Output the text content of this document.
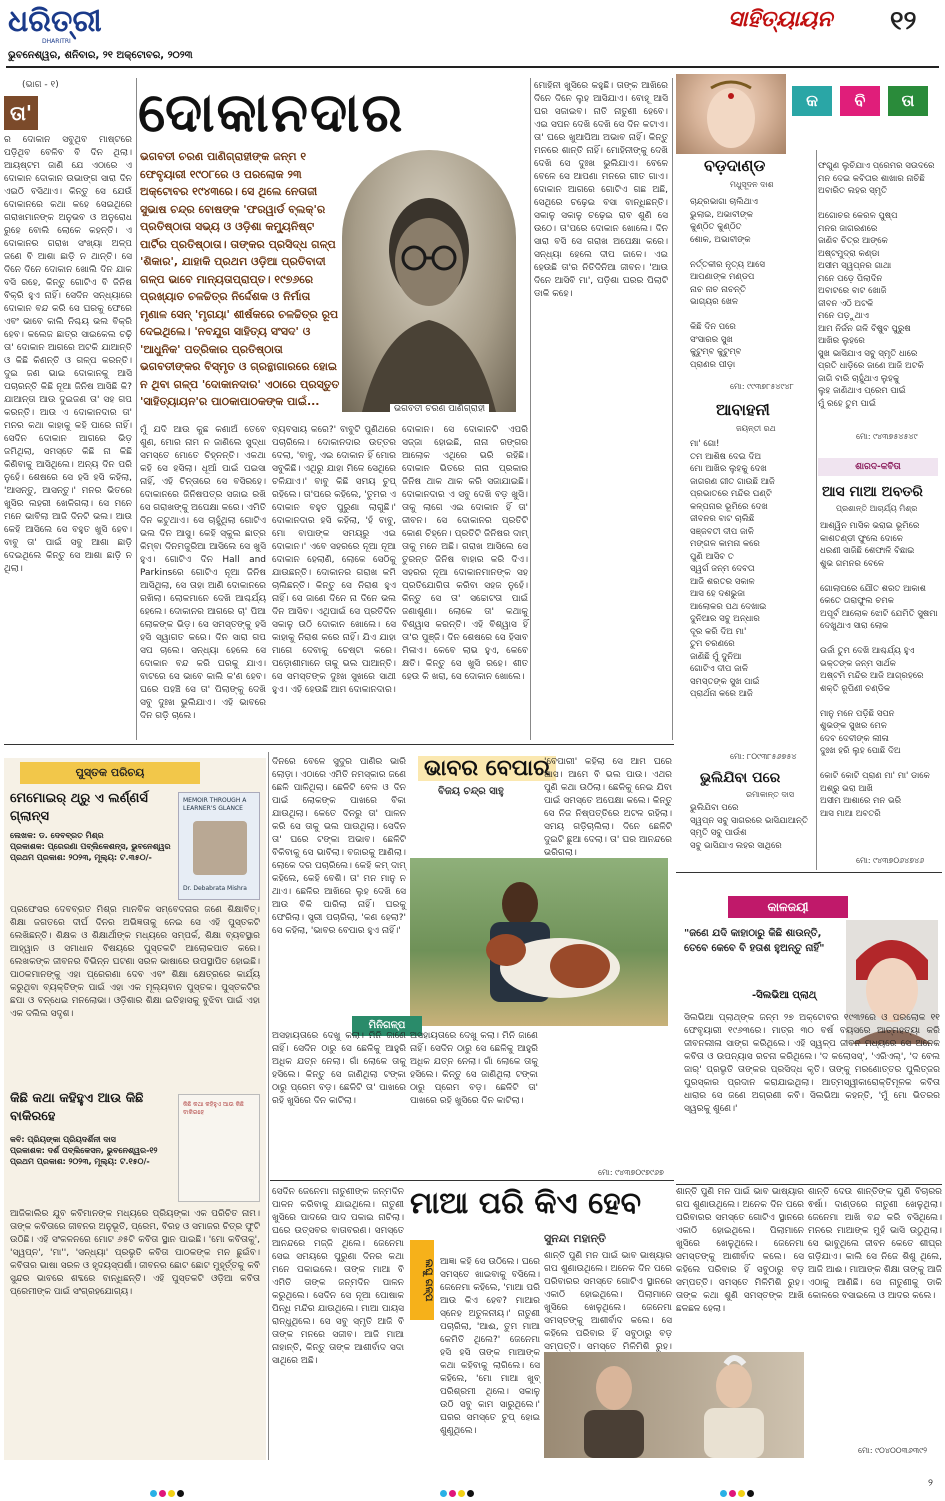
ଧରିତ୍ରୀ
DHARITRI
ଭୁବନେଶ୍ୱର, ଶନିବାର, ୨୧ ଅକ୍ଟୋବର, ୨୦୨୩
ସାହିତ୍ୟାୟନ ୧୨
(ଭାଗ - ୧)
ତା' ଦୋକାନଦାର
ର ଦୋକାନ ସବୁଥିବ ମାଷ୍ଟରେ ପଡ଼ିଥିବ ବେଳିବ ବି ଦିନ ଥିଲା। ଆୟଷ୍ଟମ ଜାଣି ଯେ ଏଠାରେ ଏ ଦୋକାନ ଦୋକାନ ଉଭାଙ୍ଗ ସାରା ଦିନ ଏଇଠି ବସିଥାଏ। କିନ୍ତୁ ସେ ଯେଉଁ ଦୋକାନରେ କଥା କହେ ସେଇଥିରେ ଗରାଖମାନଙ୍କ ଅନୁଭବ ଓ ଅନୁରୋଧ ରୁହେ ବୋଲି ଲୋକେ କହନ୍ତି। ଏ ଦୋକାନର ଗରାଖ ସଂଖ୍ୟା ଅଳ୍ପ ଜଣେ ବି ଆଶା ଛାଡ଼ି ନ ଥାନ୍ତି। ସେ ଦିନେ ଦିନେ ଦୋକାନ ଖୋଲି ଦିନ ଯାକ ବସି ରହେ, କିନ୍ତୁ ଗୋଟିଏ ବି ଜିନିଷ ବିକ୍ରି ହୁଏ ନାହିଁ। ସେଦିନ ସନ୍ଧ୍ୟାରେ ଦୋକାନ ବନ୍ଦ କରି ସେ ଘରକୁ ଫେରେ ଏବଂ ଭାବେ କାଲି ନିଶ୍ଚୟ ଭଲ ବିକ୍ରି ହେବ। କଲେଜ ଛାତ୍ର ସାଇକେଲ ଚଢ଼ି ତା' ଦୋକାନ ଆଗରେ ଅଟକି ଯାଆନ୍ତି ଓ କିଛି କିଣନ୍ତି ଓ ଗଳ୍ପ କରନ୍ତି। ଦୁଇ ଜଣ ଭାଇ ଦୋକାନକୁ ଆସି ପଚାରନ୍ତି କିଛି ନୂଆ ଜିନିଷ ଆସିଛି କି? ଯାଆନ୍ତା ଆଉ ଦୁଇଜଣ ତା' ସହ ଗପ କରନ୍ତି। ଆଉ ଏ ଦୋକାନଦାର ତା' ମନର କଥା କାହାକୁ କହି ପାରେ ନାହିଁ। ସେଦିନ ଦୋକାନ ଆଗରେ ଭିଡ଼ ଜମିଥିଲା, ସମସ୍ତେ କିଛି ନା କିଛି କିଣିବାକୁ ଆସିଥିଲେ। ଅନ୍ୟ ଦିନ ପରି ନୁହେଁ। ଶେଷରେ ସେ ହସି ହସି କହିଲା, 'ଆସନ୍ତୁ, ଆସନ୍ତୁ।' ମନର ଭିତରେ ଖୁସିର ଲହରୀ ଖେଳିଗଲା। ସେ ମନେ ମନେ ଭାବିଲା ଆଜି ଦିନଟି ଭଲ। ଆଉ କେହି ଆସିଲେ ସେ ବହୁତ ଖୁସି ହେବ। ବାବୁ ତା' ପାଇଁ ସବୁ ଆଶା ଛାଡ଼ି ଦେଇଥିଲେ କିନ୍ତୁ ସେ ଆଶା ଛାଡ଼ି ନ ଥିଲା।
ଭଗବତୀ ଚରଣ ପାଣିଗ୍ରାହୀଙ୍କ ଜନ୍ମ ୧ ଫେବୃୟାରୀ ୧୯୦୮ରେ ଓ ପରଲୋକ ୨୩ ଅକ୍ଟୋବର ୧୯୪୩ରେ। ସେ ଥିଲେ ନେତାଜୀ ସୁଭାଷ ଚନ୍ଦ୍ର ବୋଷଙ୍କ 'ଫରୱାର୍ଡ ବ୍ଲକ୍'ର ପ୍ରତିଷ୍ଠାତା ସଭ୍ୟ ଓ ଓଡ଼ିଶା କମ୍ୟୁନିଷ୍ଟ ପାର୍ଟିର ପ୍ରତିଷ୍ଠାତା। ତାଙ୍କର ପ୍ରସିଦ୍ଧ ଗଳ୍ପ 'ଶିକାର', ଯାହାକି ପ୍ରଥମ ଓଡ଼ିଆ ପ୍ରତିବାଦୀ ଗଳ୍ପ ଭାବେ ମାନ୍ୟତାପ୍ରାପ୍ତ। ୧୯୭୬ରେ ପ୍ରଖ୍ୟାତ ଚଳଚ୍ଚିତ୍ର ନିର୍ଦ୍ଦେଶକ ଓ ନିର୍ମାତା ମୃଣାଳ ସେନ୍ 'ମୃଗୟା' ଶୀର୍ଷକରେ ଚଳଚ୍ଚିତ୍ର ରୂପ ଦେଇଥିଲେ। 'ନବଯୁଗ ସାହିତ୍ୟ ସଂସଦ' ଓ 'ଆଧୁନିକ' ପତ୍ରିକାର ପ୍ରତିଷ୍ଠାତା ଭଗବତୀଙ୍କର ବିସ୍ମୃତ ଓ ଗ୍ରନ୍ଥାଗାରରେ ହୋଇ ନ ଥିବା ଗଳ୍ପ 'ଦୋକାନଦାର' ଏଠାରେ ପ୍ରସ୍ତୁତ 'ସାହିତ୍ୟାୟନ'ର ପାଠକାପାଠକଙ୍କ ପାଇଁ...
ଭଗବତୀ ଚରଣ ପାଣିଗ୍ରାହୀ
ମୁଁ ଯଦି ଆଉ କୁଛ କଣାଅଁ ତେବେ ଶୁଣ, ମୋର ନାମ ନ ଜାଣିଲେ ସୁଦ୍ଧା ସମସ୍ତେ ମୋତେ ଚିହ୍ନନ୍ତି। ଏକଥା କହି ସେ ହସିଲା। ଧୂଆଁ ପାଇଁ ପଇସା ନାହିଁ, ଏହି ଚିନ୍ତାରେ ସେ ବସିରହେ। ଦୋକାନରେ ଜିନିଷପତ୍ର ସଜାଇ ରଖି ସେ ଗରାଖଙ୍କୁ ଅପେକ୍ଷା କରେ। ଏମିତି ଦିନ କଟୁଥାଏ। ସେ ଚାହୁଁଥିଲା ଗୋଟିଏ ଭଲ ଦିନ ଆସୁ। କେହି ସ୍କୁଲ ଛାତ୍ର କିମ୍ବା ଦିନମଜୁରିଆ ଆସିଲେ ସେ ଖୁସି ହୁଏ। ଗୋଟିଏ ଦିନ Hall and Parkinsରେ ଗୋଟିଏ ନୂଆ ଜିନିଷ ଆସିଥିଲା, ସେ ତାହା ଆଣି ଦୋକାନରେ ରଖିଲା। ଲୋକମାନେ ଦେଖି ଆଶ୍ଚର୍ଯ୍ୟ ହେଲେ। ଦୋକାନର ଆଗରେ ଚା' ପିଆ ଲୋକଙ୍କ ଭିଡ଼। ସେ ସମସ୍ତଙ୍କୁ ହସି ହସି ସ୍ୱାଗତ କରେ। ଦିନ ସାରା ଗପ ସପ ଚାଲେ। ସନ୍ଧ୍ୟା ହେଲେ ସେ ଦୋକାନ ବନ୍ଦ କରି ଘରକୁ ଯାଏ। ବାଟରେ ସେ ଭାବେ କାଲି କ'ଣ ହେବ। ଘରେ ପହଞ୍ଚି ସେ ତା' ପିଲାଙ୍କୁ ଦେଖି ସବୁ ଦୁଃଖ ଭୁଲିଯାଏ। ଏହି ଭାବରେ ଦିନ ଗଡ଼ି ଚାଲେ।
ବ୍ୟବସାୟ କରେ?' ବାବୁଟି ପୁଣିଥରେ ପଚାରିଲେ। ଦୋକାନଦାର ଉତ୍ତର ଦେଲା, 'ବାବୁ, ଏଇ ଦୋକାନ ହିଁ ମୋର ସବୁକିଛି। ଏଥିରୁ ଯାହା ମିଳେ ସେଥିରେ ଚଳିଯାଏ।' ବାବୁ କିଛି ସମୟ ଚୁପ୍ ରହିଲେ। ତା'ପରେ କହିଲେ, 'ତୁମର ଏ ଦୋକାନ ବହୁତ ପୁରୁଣା ଲାଗୁଛି।' ଦୋକାନଦାର ହସି କହିଲା, 'ହଁ ବାବୁ, ମୋ ବାପାଙ୍କ ସମୟରୁ ଏଇ ଦୋକାନ।' ଏବେ ସହରରେ ନୂଆ ନୂଆ ଦୋକାନ ହେଲାଣି, ଲୋକେ ସେଠିକୁ ଯାଉଛନ୍ତି। ଦୋକାନର ଗରାଖ କମି ଚାଲିଛନ୍ତି। କିନ୍ତୁ ସେ ନିରାଶ ହୁଏ ନାହିଁ। ସେ ଜାଣେ ଦିନେ ନା ଦିନେ ଭଲ ଦିନ ଆସିବ। ଏଥିପାଇଁ ସେ ପ୍ରତିଦିନ ସକାଳୁ ଉଠି ଦୋକାନ ଖୋଲେ। ସେ କାହାକୁ ନିରାଶ କରେ ନାହିଁ। ଯିଏ ଯାହା ମାଗେ ଦେବାକୁ ଚେଷ୍ଟା କରେ। ପଡ଼ୋଶୀମାନେ ତାକୁ ଭଲ ପାଆନ୍ତି। ସେ ସମସ୍ତଙ୍କ ଦୁଃଖ ସୁଖରେ ସାଥୀ ହୁଏ। ଏହି ହେଉଛି ଆମ ଦୋକାନଦାର।
ଦୋକାନ। ସେ ଦୋକାନଟି ଏପରି ସଜ୍ଜା ହୋଇଛି, ନାନା ରଙ୍ଗର ଆଲୋକ ଏଥିରେ ଭରି ରହିଛି। ଦୋକାନ ଭିତରେ ନାନା ପ୍ରକାର ଜିନିଷ ଥାକ ଥାକ କରି ସଜାଯାଇଛି। ଦୋକାନଦାର ଏ ସବୁ ଦେଖି ବଡ଼ ଖୁସି। ତାକୁ ଲାଗେ ଏଇ ଦୋକାନ ହିଁ ତା' ଜୀବନ। ସେ ଦୋକାନର ପ୍ରତିଟି କୋଣ ଚିହ୍ନେ। ପ୍ରତିଟି ଜିନିଷର ଦାମ୍ ତାକୁ ମନେ ଅଛି। ଗରାଖ ଆସିଲେ ସେ ତୁରନ୍ତ ଜିନିଷ ବାହାର କରି ଦିଏ। ସହରର ନୂଆ ଦୋକାନମାନଙ୍କ ସହ ପ୍ରତିଯୋଗିତା କରିବା ସହଜ ନୁହେଁ। କିନ୍ତୁ ସେ ତା' ସଚ୍ଚୋଟତା ପାଇଁ ଜଣାଶୁଣା। ଲୋକେ ତା' କଥାକୁ ବିଶ୍ୱାସ କରନ୍ତି। ଏହି ବିଶ୍ୱାସ ହିଁ ତା'ର ପୁଞ୍ଜି। ଦିନ ଶେଷରେ ସେ ହିସାବ ମିଳାଏ। କେବେ ଲାଭ ହୁଏ, କେବେ କ୍ଷତି। କିନ୍ତୁ ସେ ଖୁସି ରହେ। ଶୀତ ହେଉ କି ଖରା, ସେ ଦୋକାନ ଖୋଲେ।
ମୋହିନୀ ଖୁସିରେ କହୁଛି। ତାଙ୍କ ଆଖିରେ ଦିନେ ଦିନେ ଲୁହ ଆସିଯାଏ। ବୋହୂ ଆସି ଘର ସଜାଇବ। ନାତି ନାତୁଣୀ ହେବେ। ଏଇ ସପନ ଦେଖି ଦେଖି ସେ ଦିନ କଟାଏ। ତା' ଘରେ ଖୁଆପିଆ ଅଭାବ ନାହିଁ। କିନ୍ତୁ ମନରେ ଶାନ୍ତି ନାହିଁ। ମୋହିନୀଙ୍କୁ ଦେଖି ଦେଖି ସେ ଦୁଃଖ ଭୁଲିଯାଏ। ବେଳେ ବେଳେ ସେ ଆପଣା ମନରେ ଗୀତ ଗାଏ। ଦୋକାନ ଆଗରେ ଗୋଟିଏ ଗଛ ଅଛି, ସେଥିରେ ଚଢ଼େଇ ବସା ବାନ୍ଧିଛନ୍ତି। ସକାଳୁ ସକାଳୁ ଚଢ଼େଇ ରାବ ଶୁଣି ସେ ଉଠେ। ତା'ପରେ ଦୋକାନ ଖୋଲେ। ଦିନ ସାରା ବସି ସେ ଗରାଖ ଅପେକ୍ଷା କରେ। ସନ୍ଧ୍ୟା ହେଲେ ଦୀପ ଜାଳେ। ଏଇ ହେଉଛି ତା'ର ନିତିଦିନିଆ ଜୀବନ। 'ଆଉ ଦିନେ ଆସିବି ମା', ପଡ଼ିଶା ଘରର ପିଲାଟି ଡାକି କହେ।
କ	ବି	ତା
ବଡ଼ଦାଣ୍ଡ
ମଧୁସୂଦନ ଦାଶ
ଚାନ୍ଦ୍ରଭାଗା ଚାଲିଥାଏ
ଭୁଲାଇ, ଅଭାବୀଙ୍କ
କୁଣ୍ଠିତ କୁଣ୍ଠିତ
ଶୋକ, ଅଭାବୀଙ୍କ

ନର୍ତ୍ତକୀର ନୃତ୍ୟ ଆସେ
ଆପଣାଙ୍କ ମଣ୍ଡପ
ନାଚ ନାଚ ନାଚନ୍ତି
ଭାଗ୍ୟର ଖେଳ

କିଛି ଦିନ ପରେ
ସଂସାରର ସୁଖ
କୁଟୁମ୍ବ କୁଟୁମ୍ବ
ପ୍ରାଣର ପୀଡ଼ା
ମୋ: ୯୯୩୭୮୫୪୯୪୮
ଫଗୁଣ ଲୁଚିଯାଏ ପ୍ରେମର ସଉଦରେ
ମନ ଦେଇ କବିତାର ଶାଖାର ନାଚିଛି
ଅବାରିତ ଲହର ସ୍ମୃତି

ଅଗୋଚର କେରଳ ପୁଷ୍ପ
ମନର ଜାଗରଣରେ
ଜାଣିବ ଚିତ୍ର ଆଙ୍କେ
ଅଷ୍ଟମୁଦ୍ରା କଣ୍ଡା
ଅସୀମ ସ୍ୱପ୍ନର ଗାଥା
ମନେ ପଡ଼େ ପିଲାଦିନ
ଅବାଟରେ ବାଟ ଖୋଜି
ଜୀବନ ଏଠି ଅଟକି
ମନେ ପଡ଼ୁଥାଏ
ଆମ ନିର୍ଜନ ଗଳି ବିଷୁବ ପୁରୁଷ
ଆଖିର ଲୁହରେ
ସୁଖ ଭାସିଯାଏ ସବୁ ସ୍ମୃତି ଧାରେ
ପ୍ରତି ଧାଡ଼ିରେ ଜାଣେ ଆଜି ଅଟକି
ଜାଗି ବାରି ଚାହୁଁଥାଏ ଲୁହକୁ
ଲୁହ ଜାଣିଥାଏ ପ୍ରେମ ପାଇଁ
ମୁଁ ରହେ ତୁମ ପାଇଁ
ମୋ: ୯୪୩୭୫୪୫୪୯
ଆବାହନୀ
ଜୟନ୍ତୀ ରଥ
ମା' ଗୋ!
ତମ ଆଶିଷ ଦେଇ ଦିଅ
ମୋ ଆଖିର ଲୁହକୁ ଦେଖ
ଜାଗରଣ ଗୀତ ଗାଉଛି ଆଜି
ପ୍ରଭାତରେ ମନ୍ଦିର ଘଣ୍ଟି
କଳ୍ପନାର ଭୂମିରେ ଦେଖ
ଜୀବନର ବାଟ ଚାଲିଛି
ସଞ୍ଜବତୀ ଦୀପ ଜାଳି
ମଙ୍ଗଳ କାମନା କରେ
ପୁଣି ଆସିବ ତ
ସ୍ୱର୍ଗ ଜନ୍ମ ଦେବତା
ଆଜି ଶରତର ସକାଳ
ଆସ ହେ ଦଶଭୁଜା
ଆଲୋକର ପଥ ଦେଖାଇ
ଦୁନିଆର ସବୁ ଅନ୍ଧାର
ଦୂର କରି ଦିଅ ମା'
ତୁମ ଚରଣରେ
ଜାଣିଛି ମୁଁ ଦୁନିଆ
ଗୋଟିଏ ଦୀପ ଜାଳି
ସମସ୍ତଙ୍କ ସୁଖ ପାଇଁ
ପ୍ରାର୍ଥନା କରେ ଆଜି
ମୋ: ୮୦୯୩୮୫୬୭୫୪
ଭୁଲିଯିବା ପରେ
ରମାକାନ୍ତ ଦାସ
ଭୁଲିଯିବା ପରେ
ସ୍ୱପ୍ନ ସବୁ ସାଗରରେ ଭାସିଯାଆନ୍ତି
ସ୍ମୃତି ସବୁ ପାଉଁଶ
ସବୁ ଭାସିଯାଏ ଲହର ସାଥିରେ
ଶାରଦ-କବିତା
ଆସ ମାଆ ଅବତରି
ପ୍ରଶାନ୍ତି ଆଚାର୍ଯ୍ୟ ମିଶ୍ର
ଆଶ୍ୱିନ ମାସିକ ଭରାଇ ଭୂମିରେ
କାଶତଣ୍ଡୀ ଫୁଲେ ଦୋଳେ
ଧରଣୀ ସାଜିଛି ଶେଫାଳି ବିଛାଇ
ଶୁଭ ଗମନର ବେଳେ

ଗୋଲାପରେ ଯୌତ ଶରତ ଆକାଶ
କେତେ ତାରାଫୁଲ ଚମକ
ଅପୂର୍ବ ଆଲୋକ ଝୋଟି ଯେମିତି ସୁଷମା
ଦେଖୁଥାଏ ସାରା ଲୋକ

ଉର୍ଜା ତୁମ ଦେଖି ଆଶ୍ଚର୍ଯ୍ୟ ହୁଏ
ଭକ୍ତଙ୍କ ଜନ୍ମ ସାର୍ଥକ
ଅଷ୍ଟମି ମନ୍ଦିର ଆଜି ଆଗ୍ରହରେ
ଶକ୍ତି ରୂପିଣୀ ଚଣ୍ଡିକ

ମାନୁ ମନେ ପଡ଼ିଛି ସପନ
ଶୁଭଙ୍କ ସୁଖର ମେଳ
ଦେବ ଦେବୀଙ୍କ ଲୀଳା
ଦୁଃଖ ହରି ଲୁହ ପୋଛି ଦିଅ

କୋଟି କୋଟି ପ୍ରାଣ ମା' ମା' ଡାକେ
ଅଶ୍ରୁ ଭରା ଆଖି
ଅସୀମ ଆଶାରେ ମନ ଭରି
ଆସ ମାଆ ଅବତରି
ମୋ: ୯୪୩୭୦୬୪୭୪୬
ପୁସ୍ତକ ପରିଚୟ
ମେମୋଇର୍ ଥ୍ରୁ ଏ ଲର୍ଣ୍ଣର୍ସ ଗ୍ଲାନ୍ସ
MEMOIR THROUGH A LEARNER'S GLANCE
Dr. Debabrata Mishra
ଲେଖକ: ଡ. ଦେବବ୍ରତ ମିଶ୍ର
ପ୍ରକାଶକ: ପ୍ରେରଣା ପବ୍ଲିକେଶନ୍ସ, ଭୁବନେଶ୍ୱର
ପ୍ରଥମ ପ୍ରକାଶ: ୨୦୨୩, ମୂଲ୍ୟ: ଟ.୩୫୦/-
ପ୍ରଫେସର ଦେବବ୍ରତ ମିଶ୍ର ମାନବିକ ସମ୍ବେଦନାର ଜଣେ ଶିକ୍ଷାବିତ୍। ଶିକ୍ଷା ଜଗତରେ ଦୀର୍ଘ ଦିନର ଅଭିଜ୍ଞତାକୁ ନେଇ ସେ ଏହି ପୁସ୍ତକଟି ଲେଖିଛନ୍ତି। ଶିକ୍ଷକ ଓ ଶିକ୍ଷାର୍ଥୀଙ୍କ ମଧ୍ୟରେ ସମ୍ପର୍କ, ଶିକ୍ଷା ବ୍ୟବସ୍ଥାର ଆହ୍ୱାନ ଓ ସମାଧାନ ବିଷୟରେ ପୁସ୍ତକଟି ଆଲୋକପାତ କରେ। ଲେଖକଙ୍କ ଜୀବନର ବିଭିନ୍ନ ଘଟଣା ସରଳ ଭାଷାରେ ଉପସ୍ଥାପିତ ହୋଇଛି। ପାଠକମାନଙ୍କୁ ଏହା ପ୍ରେରଣା ଦେବ ଏବଂ ଶିକ୍ଷା କ୍ଷେତ୍ରରେ କାର୍ଯ୍ୟ କରୁଥିବା ବ୍ୟକ୍ତିଙ୍କ ପାଇଁ ଏହା ଏକ ମୂଲ୍ୟବାନ ପୁସ୍ତକ। ପୁସ୍ତକଟିର ଛପା ଓ ବନ୍ଧେଇ ମନଲୋଭା। ଓଡ଼ିଶାର ଶିକ୍ଷା ଇତିହାସକୁ ବୁଝିବା ପାଇଁ ଏହା ଏକ ଦଲିଲ ସଦୃଶ।
କିଛି କଥା କହିହୁଏ ଆଉ କିଛି ବାକିରହେ
କିଛି କଥା କହିହୁଏ ଆଉ କିଛି ବାକିରହେ
କବି: ପ୍ରିୟଙ୍କା ପ୍ରିୟଦର୍ଶିନୀ ଦାସ
ପ୍ରକାଶକ: ଦର୍ଶ ପବ୍ଲିକେସନ, ଭୁବନେଶ୍ୱର-୧୨
ପ୍ରଥମ ପ୍ରକାଶ: ୨୦୨୩, ମୂଲ୍ୟ: ଟ.୧୫୦/-
ଆଜିକାଲିର ଯୁବ କବିମାନଙ୍କ ମଧ୍ୟରେ ପ୍ରିୟଙ୍କା ଏକ ପରିଚିତ ନାମ। ତାଙ୍କ କବିତାରେ ଜୀବନର ଅନୁଭୂତି, ପ୍ରେମ, ବିରହ ଓ ସମାଜର ଚିତ୍ର ଫୁଟି ଉଠିଛି। ଏହି ସଂକଳନରେ ମୋଟ ୬୫ଟି କବିତା ସ୍ଥାନ ପାଇଛି। 'ମୋ କବିତାକୁ', 'ସ୍ୱପ୍ନ', 'ମା'', 'ସନ୍ଧ୍ୟା' ପ୍ରଭୃତି କବିତା ପାଠକଙ୍କ ମନ ଛୁଇଁବ। କବିତାର ଭାଷା ସରଳ ଓ ହୃଦୟସ୍ପର୍ଶୀ। ଜୀବନର ଛୋଟ ଛୋଟ ମୁହୂର୍ତ୍ତକୁ କବି ସୁନ୍ଦର ଭାବରେ ଶବ୍ଦରେ ବାନ୍ଧିଛନ୍ତି। ଏହି ପୁସ୍ତକଟି ଓଡ଼ିଆ କବିତା ପ୍ରେମୀଙ୍କ ପାଇଁ ସଂଗ୍ରହଯୋଗ୍ୟ।
ଭାବର ବେପାର
ବିଜୟ ଚନ୍ଦ୍ର ସାହୁ
ମିନିଗଳ୍ପ
ଦିନରେ ବେଳେ ସୁଦୁର ପାଣିର ଭାରି ଲୋଡ଼ା। ଏଠାରେ ଏମିତି ନମସ୍କାର ଜଣେ ଛେଳି ପାଳିଥିଲା। ଛେଳିଟି ବେଳ ଓ ଦିନ ପାଇଁ ଲୋକଙ୍କ ପାଖରେ ବିକା ଯାଉଥିଲା। କେତେ ଦିନରୁ ତା' ପାଳନ କରି ସେ ତାକୁ ଭଲ ପାଉଥିଲା। ସେଦିନ ତା' ଘରେ ଟଙ୍କା ଅଭାବ। ଛେଳିଟି ବିକିବାକୁ ସେ ଭାବିଲା। ବଜାରକୁ ଆଣିଲା। ଲୋକେ ଦର ପଚାରିଲେ। କେହି କମ୍ ଦାମ୍ କହିଲେ, କେହି ବେଶି। ତା' ମନ ମାନୁ ନ ଥାଏ। ଛେଳିର ଆଖିରେ ଲୁହ ଦେଖି ସେ ଆଉ ବିକି ପାରିଲା ନାହିଁ। ଘରକୁ ଫେରିଲା। ସ୍ତ୍ରୀ ପଚାରିଲା, 'କଣ ହେଲା?' ସେ କହିଲା, 'ଭାବର ବେପାର ହୁଏ ନାହିଁ।'
ଅସହାୟତାରେ ଦେଖୁ କଲା। ମିନି ଜାଣେ ନାହିଁ। ସେଦିନ ଠାରୁ ସେ ଛେଳିକୁ ଆହୁରି ଅଧିକ ଯତ୍ନ ନେଲା। ଗାଁ ଲୋକେ ତାକୁ ହସିଲେ। କିନ୍ତୁ ସେ ଜାଣିଥିଲା ଟଙ୍କା ଠାରୁ ପ୍ରେମ ବଡ଼। ଛେଳିଟି ତା' ପାଖରେ ରହି ଖୁସିରେ ଦିନ କାଟିଲା।
'ବେପାରୀ' କହିଲା ସେ ଆମ ଘରେ ଆସ। ଆମେ ବି ଭଲ ପାଉ। ଏଥର ପୁଣି କଥା ଉଠିଲା। ଛେଳିକୁ ନେଇ ଯିବା ପାଇଁ ସମସ୍ତେ ଅପେକ୍ଷା କଲେ। କିନ୍ତୁ ସେ ନିଜ ନିଷ୍ପତ୍ତିରେ ଅଟଳ ରହିଲା। ସମୟ ଗଡ଼ିଚାଲିଲା। ଦିନେ ଛେଳିଟି ଦୁଇଟି ଛୁଆ ଦେଲା। ତା' ଘର ଆନନ୍ଦରେ ଭରିଗଲା।
ଅସହାୟତାରେ ଦେଖୁ କଲା। ମିନି ଜାଣେ ନାହିଁ। ସେଦିନ ଠାରୁ ସେ ଛେଳିକୁ ଆହୁରି ଅଧିକ ଯତ୍ନ ନେଲା। ଗାଁ ଲୋକେ ତାକୁ ହସିଲେ। କିନ୍ତୁ ସେ ଜାଣିଥିଲା ଟଙ୍କା ଠାରୁ ପ୍ରେମ ବଡ଼। ଛେଳିଟି ତା' ପାଖରେ ରହି ଖୁସିରେ ଦିନ କାଟିଲା।
ମୋ: ୯୪୩୭୦୯୭୯୬୭
କାଳଜୟୀ
"ଜଣେ ଯଦି କାହାଠାରୁ କିଛି ଶାଉନ୍ତି, ତେବେ କେବେ ବି ହତାଶ ହୁଅନ୍ତୁ ନାହିଁ"
-ସିଲଭିଆ ପ୍ଲାଥ୍
ସିଲଭିଆ ପ୍ଲାଥ୍ଙ୍କ ଜନ୍ମ ୨୭ ଅକ୍ଟୋବର ୧୯୩୨ରେ ଓ ପରଲୋକ ୧୧ ଫେବୃୟାରୀ ୧୯୬୩ରେ। ମାତ୍ର ୩୦ ବର୍ଷ ବୟସରେ ଆତ୍ମହତ୍ୟା କରି ଜୀବନଲୀଳା ସାଙ୍ଗ କରିଥିଲେ। ଏହି ସ୍ୱଳ୍ପ ଜୀବନ ମଧ୍ୟରେ ସେ ଅନେକ କବିତା ଓ ଉପନ୍ୟାସ ରଚନା କରିଥିଲେ। 'ଦ କଲୋସସ୍', 'ଏରିଏଲ୍', 'ଦ ବେଲ ଜାର୍' ପ୍ରଭୃତି ତାଙ୍କର ପ୍ରସିଦ୍ଧ କୃତି। ତାଙ୍କୁ ମରଣୋତ୍ତର ପୁଲିତ୍ଜର ପୁରସ୍କାର ପ୍ରଦାନ କରାଯାଇଥିଲା। ଆତ୍ମସ୍ୱୀକାରୋକ୍ତିମୂଳକ କବିତା ଧାରାର ସେ ଜଣେ ଅଗ୍ରଣୀ କବି। ସିଲଭିଆ କହନ୍ତି, 'ମୁଁ ମୋ ଭିତରର ସ୍ୱରକୁ ଶୁଣେ।'
ମାଆ ପରି କିଏ ହେବ
ସୁନନ୍ଦା ମହାନ୍ତି
ଲଘୁ ଗଳ୍ପ
ସେଦିନ ଜେନେମା ନାତୁଣୀଙ୍କ ଜନ୍ମଦିନ ପାଳନ କରିବାକୁ ଯାଇଥିଲେ। ନାତୁଣୀ ଖୁସିରେ ପାଦରେ ପାଦ ପକାଇ ନାଚିଲା। ଘରେ ଉତ୍ସବର ବାତାବରଣ। ସମସ୍ତେ ଆନନ୍ଦରେ ମଜ୍ଜି ଥିଲେ। ଜେନେମା ସେଇ ସମୟରେ ପୁରୁଣା ଦିନର କଥା ମନେ ପକାଇଲେ। ତାଙ୍କ ମାଆ ବି ଏମିତି ତାଙ୍କ ଜନ୍ମଦିନ ପାଳନ କରୁଥିଲେ। ସେଦିନ ସେ ନୂଆ ପୋଷାକ ପିନ୍ଧି ମନ୍ଦିର ଯାଉଥିଲେ। ମାଆ ପାୟସ ରାନ୍ଧୁଥିଲେ। ସେ ସବୁ ସ୍ମୃତି ଆଜି ବି ତାଙ୍କ ମନରେ ସଜୀବ। ଆଜି ମାଆ ନାହାନ୍ତି, କିନ୍ତୁ ତାଙ୍କ ଆଶୀର୍ବାଦ ସଦା ସାଥିରେ ଅଛି।
ଆଜ୍ଞା କହି ସେ ଉଠିଲେ। ଘରେ ସମସ୍ତେ ଖାଇବାକୁ ବସିଲେ। ଜେନେମା କହିଲେ, 'ମାଆ ପରି ଆଉ କିଏ ହେବ? ମାଆର ସ୍ନେହ ଅତୁଳନୀୟ।' ନାତୁଣୀ ପଚାରିଲା, 'ଆଈ, ତୁମ ମାଆ କେମିତି ଥିଲେ?' ଜେନେମା ହସି ହସି ତାଙ୍କ ମାଆଙ୍କ କଥା କହିବାକୁ ଲାଗିଲେ। ସେ କହିଲେ, 'ମୋ ମାଆ ଖୁବ୍ ପରିଶ୍ରମୀ ଥିଲେ। ସକାଳୁ ଉଠି ସବୁ କାମ ସାରୁଥିଲେ।' ଘରର ସମସ୍ତେ ଚୁପ୍ ହୋଇ ଶୁଣୁଥିଲେ।
ଶାନ୍ତି ପୁଣି ମନ ପାଇଁ ଭାବ ଭାଷ୍ୟାର ଗପ ଶୁଣାଉଥିଲେ। ଅନେକ ଦିନ ପରେ ପରିବାରର ସମସ୍ତେ ଗୋଟିଏ ସ୍ଥାନରେ ଏକାଠି ହୋଇଥିଲେ। ପିଲାମାନେ ଖୁସିରେ ଖେଳୁଥିଲେ। ଜେନେମା ସମସ୍ତଙ୍କୁ ଆଶୀର୍ବାଦ କଲେ। ସେ କହିଲେ ପରିବାର ହିଁ ସବୁଠାରୁ ବଡ଼ ସମ୍ପତ୍ତି। ସମସ୍ତେ ମିଳିମିଶି ରୁହ।
ଶାନ୍ତି ଦେଉ ଶାନ୍ତିଙ୍କ ପୁଣି ବିଚାରର ଵର୍ଷା। ଦାଣ୍ଡରେ ନାତୁଣୀ ଖେଳୁଥିଲା। ଜେନେମା ଆଖି ବନ୍ଦ କରି ବସିଥିଲେ। ମନରେ ମାଆଙ୍କ ମୁହଁ ଭାସି ଉଠୁଥିଲା। ସେ ଭାବୁଥିଲେ ଜୀବନ କେତେ ଶୀଘ୍ର ଗଡ଼ିଯାଏ। କାଲି ସେ ନିଜେ ଶିଶୁ ଥିଲେ, ଆଜି ଆଈ। ମାଆଙ୍କ ଶିକ୍ଷା ତାଙ୍କୁ ଆଜି ଏଠାକୁ ଆଣିଛି। ସେ ନାତୁଣୀକୁ ଡାକି କୋଳରେ ବସାଇଲେ ଓ ଆଦର କଲେ।
ଶାନ୍ତି ପୁଣି ମନ ପାଇଁ ଭାବ ଭାଷ୍ୟାର ଗପ ଶୁଣାଉଥିଲେ। ଅନେକ ଦିନ ପରେ ପରିବାରର ସମସ୍ତେ ଗୋଟିଏ ସ୍ଥାନରେ ଏକାଠି ହୋଇଥିଲେ। ପିଲାମାନେ ଖୁସିରେ ଖେଳୁଥିଲେ। ଜେନେମା ସମସ୍ତଙ୍କୁ ଆଶୀର୍ବାଦ କଲେ। ସେ କହିଲେ ପରିବାର ହିଁ ସବୁଠାରୁ ବଡ଼ ସମ୍ପତ୍ତି। ସମସ୍ତେ ମିଳିମିଶି ରୁହ। ତାଙ୍କ କଥା ଶୁଣି ସମସ୍ତଙ୍କ ଆଖି ଛଳଛଳ ହେଲା।
ମୋ: ୯୦୪୦୦୩୬୩୯୨
୨
